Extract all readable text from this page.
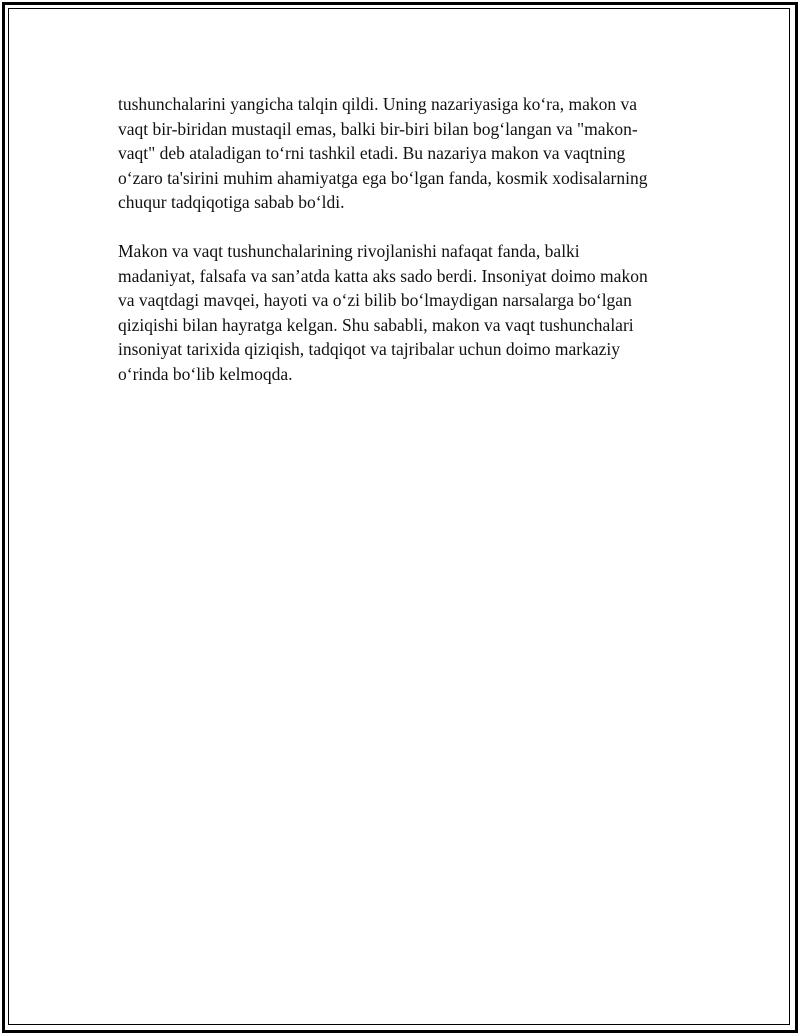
tushunchalarini yangicha talqin qildi. Uning nazariyasiga ko‘ra, makon va
vaqt bir-biridan mustaqil emas, balki bir-biri bilan bog‘langan va "makon-
vaqt" deb ataladigan to‘rni tashkil etadi. Bu nazariya makon va vaqtning
o‘zaro ta'sirini muhim ahamiyatga ega bo‘lgan fanda, kosmik xodisalarning
chuqur tadqiqotiga sabab bo‘ldi.

Makon va vaqt tushunchalarining rivojlanishi nafaqat fanda, balki
madaniyat, falsafa va san’atda katta aks sado berdi. Insoniyat doimo makon
va vaqtdagi mavqei, hayoti va o‘zi bilib bo‘lmaydigan narsalarga bo‘lgan
qiziqishi bilan hayratga kelgan. Shu sababli, makon va vaqt tushunchalari
insoniyat tarixida qiziqish, tadqiqot va tajribalar uchun doimo markaziy
o‘rinda bo‘lib kelmoqda.
